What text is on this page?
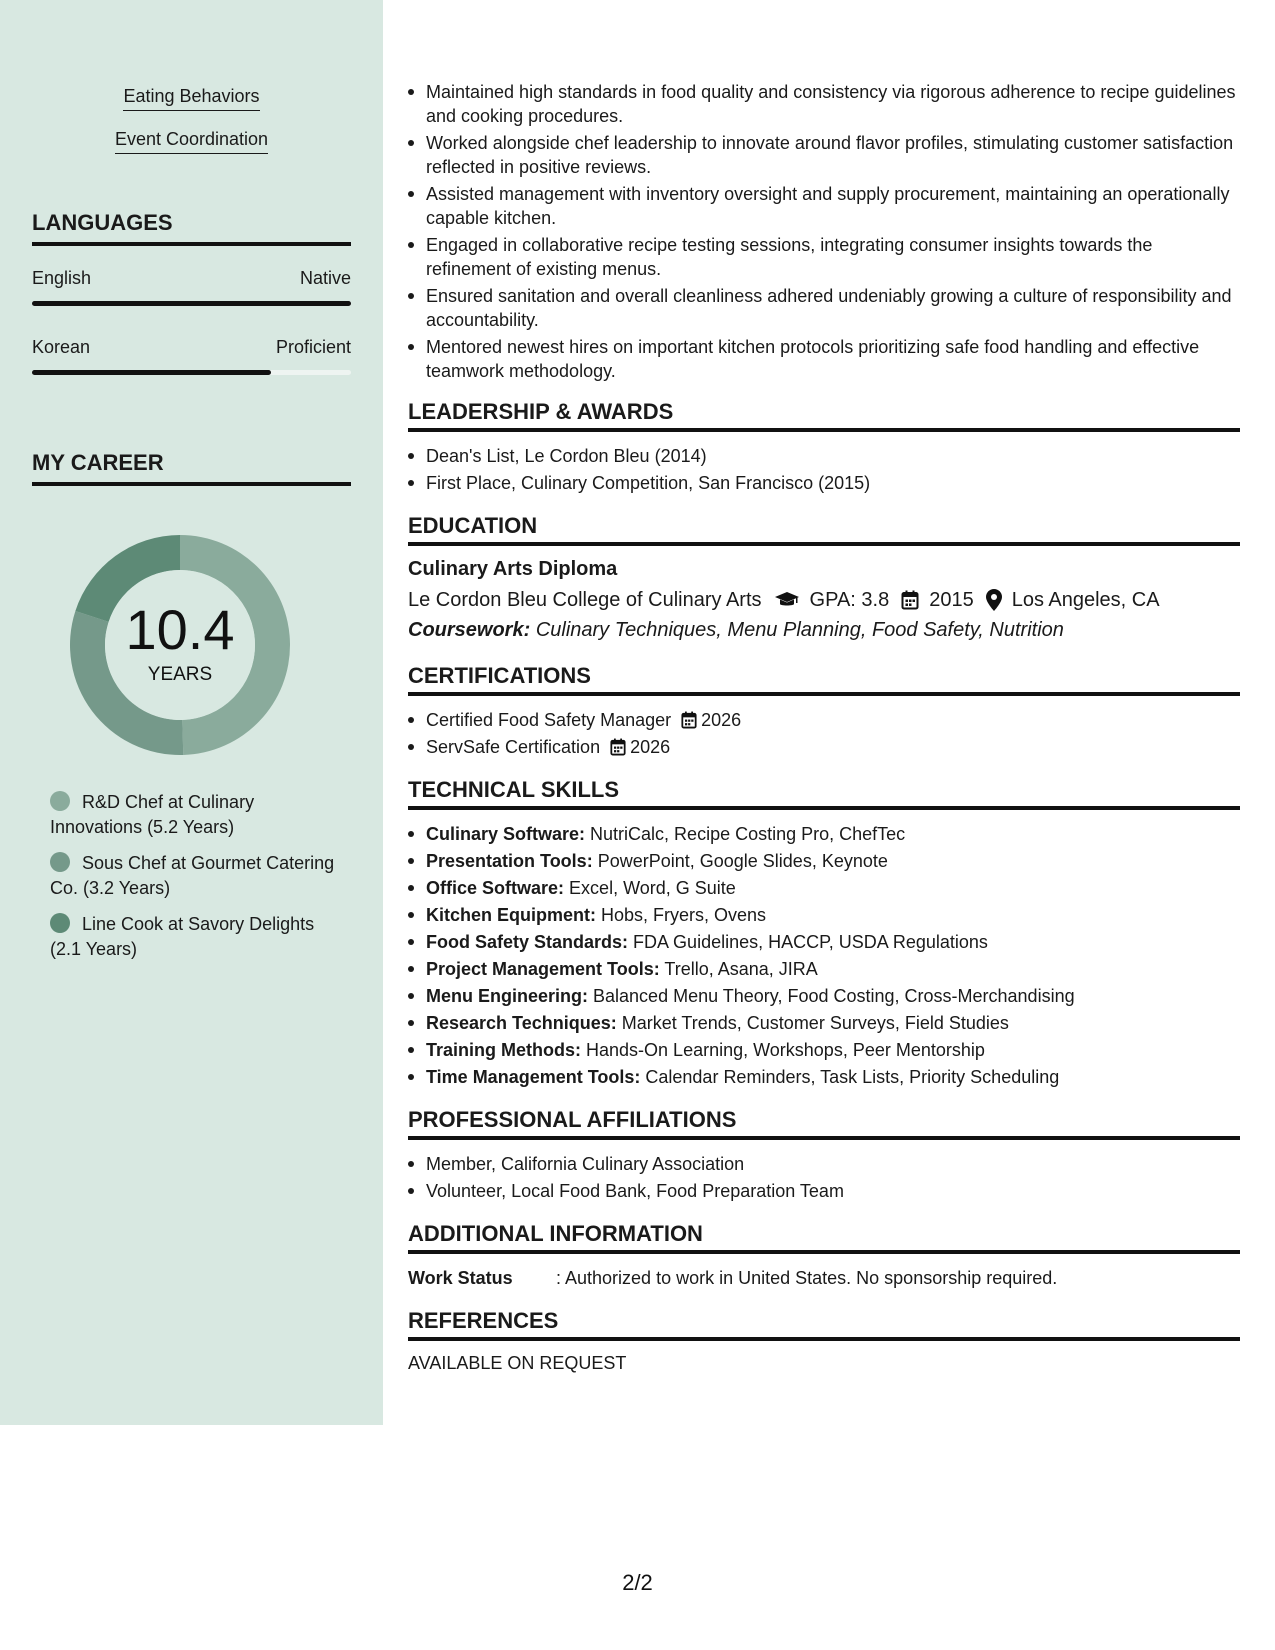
Eating Behaviors
Event Coordination
LANGUAGES
English	Native
Korean	Proficient
MY CAREER
10.4
YEARS
R&D Chef at Culinary Innovations (5.2 Years)
Sous Chef at Gourmet Catering Co. (3.2 Years)
Line Cook at Savory Delights (2.1 Years)
Maintained high standards in food quality and consistency via rigorous adherence to recipe guidelines and cooking procedures.
Worked alongside chef leadership to innovate around flavor profiles, stimulating customer satisfaction reflected in positive reviews.
Assisted management with inventory oversight and supply procurement, maintaining an operationally capable kitchen.
Engaged in collaborative recipe testing sessions, integrating consumer insights towards the refinement of existing menus.
Ensured sanitation and overall cleanliness adhered undeniably growing a culture of responsibility and accountability.
Mentored newest hires on important kitchen protocols prioritizing safe food handling and effective teamwork methodology.
LEADERSHIP & AWARDS
Dean's List, Le Cordon Bleu (2014)
First Place, Culinary Competition, San Francisco (2015)
EDUCATION
Culinary Arts Diploma
Le Cordon Bleu College of Culinary Arts GPA: 3.8 2015 Los Angeles, CA
Coursework: Culinary Techniques, Menu Planning, Food Safety, Nutrition
CERTIFICATIONS
Certified Food Safety Manager 2026
ServSafe Certification 2026
TECHNICAL SKILLS
Culinary Software: NutriCalc, Recipe Costing Pro, ChefTec
Presentation Tools: PowerPoint, Google Slides, Keynote
Office Software: Excel, Word, G Suite
Kitchen Equipment: Hobs, Fryers, Ovens
Food Safety Standards: FDA Guidelines, HACCP, USDA Regulations
Project Management Tools: Trello, Asana, JIRA
Menu Engineering: Balanced Menu Theory, Food Costing, Cross-Merchandising
Research Techniques: Market Trends, Customer Surveys, Field Studies
Training Methods: Hands-On Learning, Workshops, Peer Mentorship
Time Management Tools: Calendar Reminders, Task Lists, Priority Scheduling
PROFESSIONAL AFFILIATIONS
Member, California Culinary Association
Volunteer, Local Food Bank, Food Preparation Team
ADDITIONAL INFORMATION
Work Status	: Authorized to work in United States. No sponsorship required.
REFERENCES
AVAILABLE ON REQUEST
2/2
